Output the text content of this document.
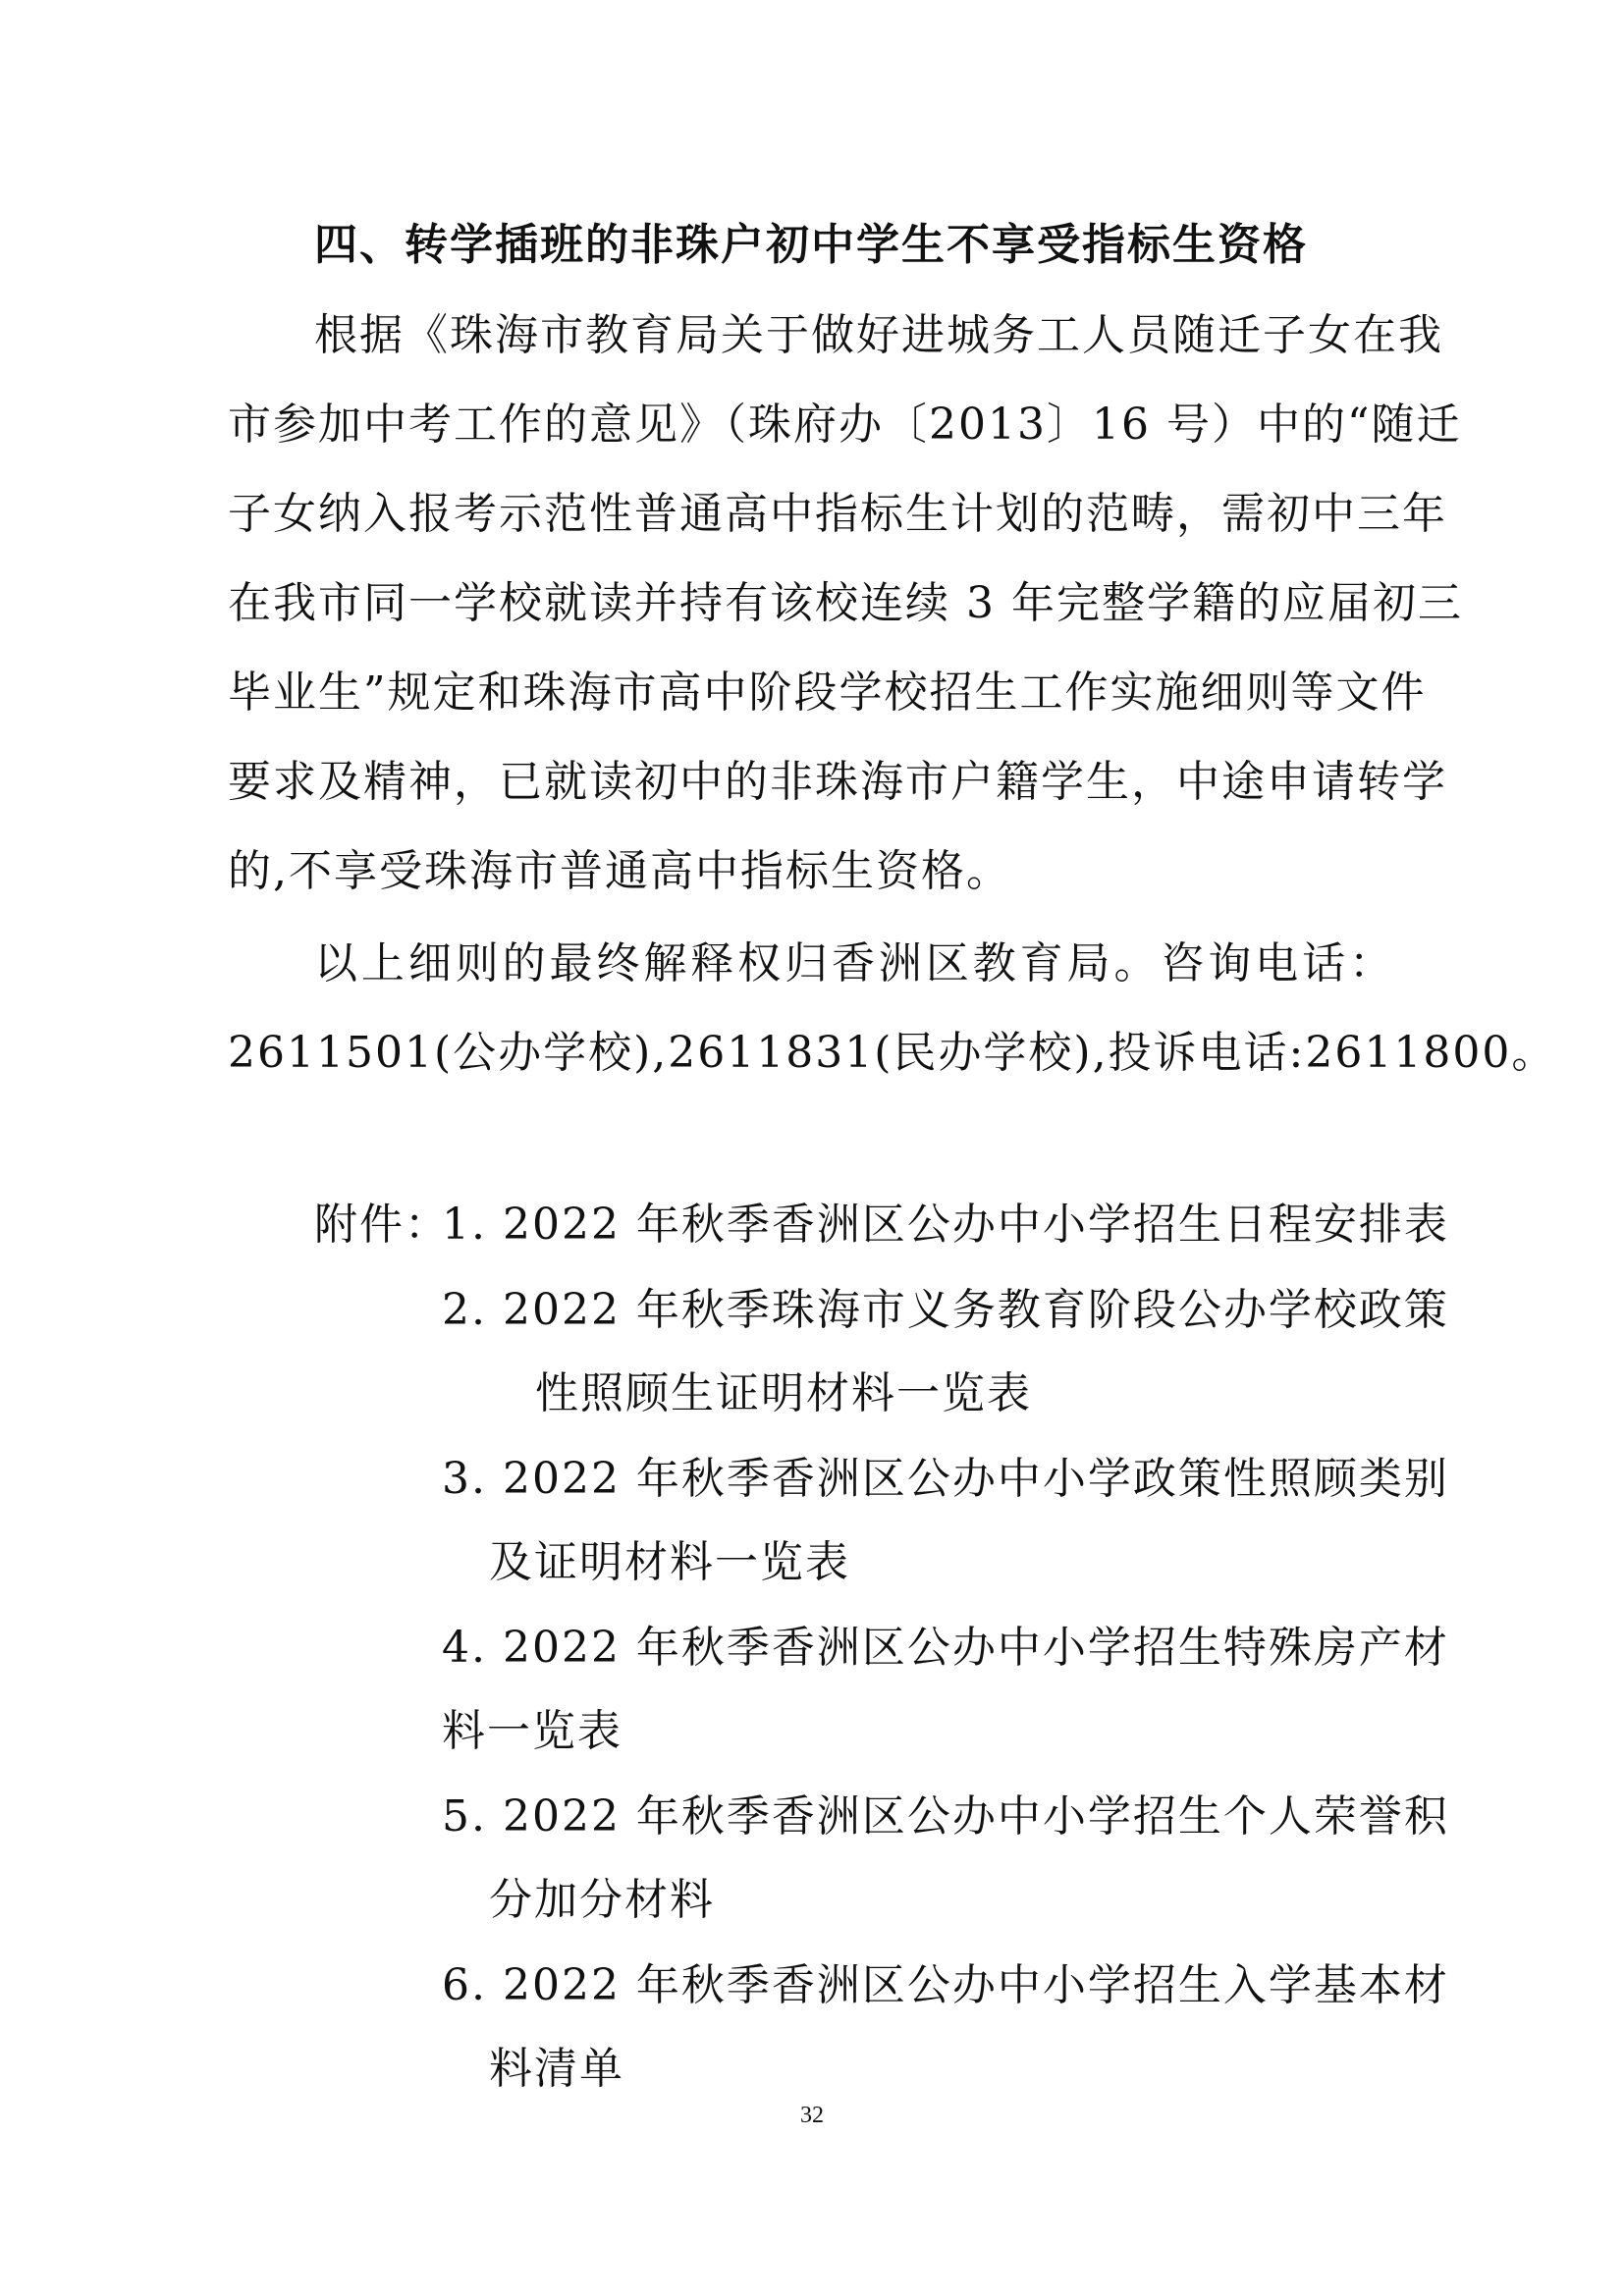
四、转学插班的非珠户初中学生不享受指标生资格
根据《珠海市教育局关于做好进城务工人员随迁子女在我
市参加中考工作的意见》（珠府办〔2013〕16 号）中的“随迁
子女纳入报考示范性普通高中指标生计划的范畴，需初中三年
在我市同一学校就读并持有该校连续 3 年完整学籍的应届初三
毕业生”规定和珠海市高中阶段学校招生工作实施细则等文件
要求及精神，已就读初中的非珠海市户籍学生，中途申请转学
的,不享受珠海市普通高中指标生资格。
以上细则的最终解释权归香洲区教育局。咨询电话：
2611501(公办学校),2611831(民办学校),投诉电话:2611800。
附件：
1. 2022 年秋季香洲区公办中小学招生日程安排表
2. 2022 年秋季珠海市义务教育阶段公办学校政策
性照顾生证明材料一览表
3. 2022 年秋季香洲区公办中小学政策性照顾类别
及证明材料一览表
4. 2022 年秋季香洲区公办中小学招生特殊房产材
料一览表
5. 2022 年秋季香洲区公办中小学招生个人荣誉积
分加分材料
6. 2022 年秋季香洲区公办中小学招生入学基本材
料清单
32
